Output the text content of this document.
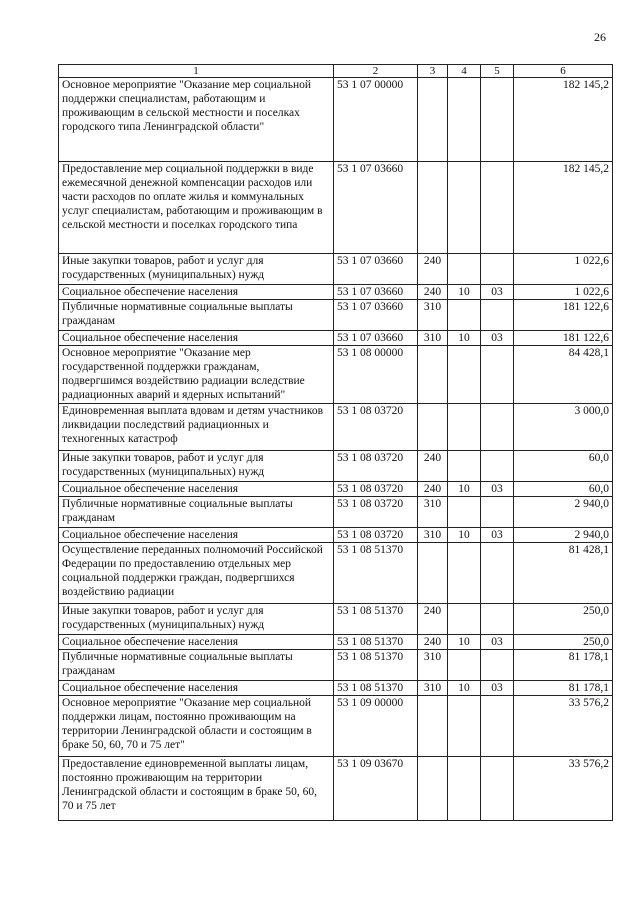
26
1	2	3	4	5	6
Основное мероприятие "Оказание мер социальной поддержки специалистам, работающим и проживающим в сельской местности и поселках городского типа Ленинградской области"	53 1 07 00000				182 145,2
Предоставление мер социальной поддержки в виде ежемесячной денежной компенсации расходов или части расходов по оплате жилья и коммунальных услуг специалистам, работающим и проживающим в сельской местности и поселках городского типа	53 1 07 03660				182 145,2
Иные закупки товаров, работ и услуг для государственных (муниципальных) нужд	53 1 07 03660	240			1 022,6
Социальное обеспечение населения	53 1 07 03660	240	10	03	1 022,6
Публичные нормативные социальные выплаты гражданам	53 1 07 03660	310			181 122,6
Социальное обеспечение населения	53 1 07 03660	310	10	03	181 122,6
Основное мероприятие "Оказание мер государственной поддержки гражданам, подвергшимся воздействию радиации вследствие радиационных аварий и ядерных испытаний"	53 1 08 00000				84 428,1
Единовременная выплата вдовам и детям участников ликвидации последствий радиационных и техногенных катастроф	53 1 08 03720				3 000,0
Иные закупки товаров, работ и услуг для государственных (муниципальных) нужд	53 1 08 03720	240			60,0
Социальное обеспечение населения	53 1 08 03720	240	10	03	60,0
Публичные нормативные социальные выплаты гражданам	53 1 08 03720	310			2 940,0
Социальное обеспечение населения	53 1 08 03720	310	10	03	2 940,0
Осуществление переданных полномочий Российской Федерации по предоставлению отдельных мер социальной поддержки граждан, подвергшихся воздействию радиации	53 1 08 51370				81 428,1
Иные закупки товаров, работ и услуг для государственных (муниципальных) нужд	53 1 08 51370	240			250,0
Социальное обеспечение населения	53 1 08 51370	240	10	03	250,0
Публичные нормативные социальные выплаты гражданам	53 1 08 51370	310			81 178,1
Социальное обеспечение населения	53 1 08 51370	310	10	03	81 178,1
Основное мероприятие "Оказание мер социальной поддержки лицам, постоянно проживающим на территории Ленинградской области и состоящим в браке 50, 60, 70 и 75 лет"	53 1 09 00000				33 576,2
Предоставление единовременной выплаты лицам, постоянно проживающим на территории Ленинградской области и состоящим в браке 50, 60, 70 и 75 лет	53 1 09 03670				33 576,2
